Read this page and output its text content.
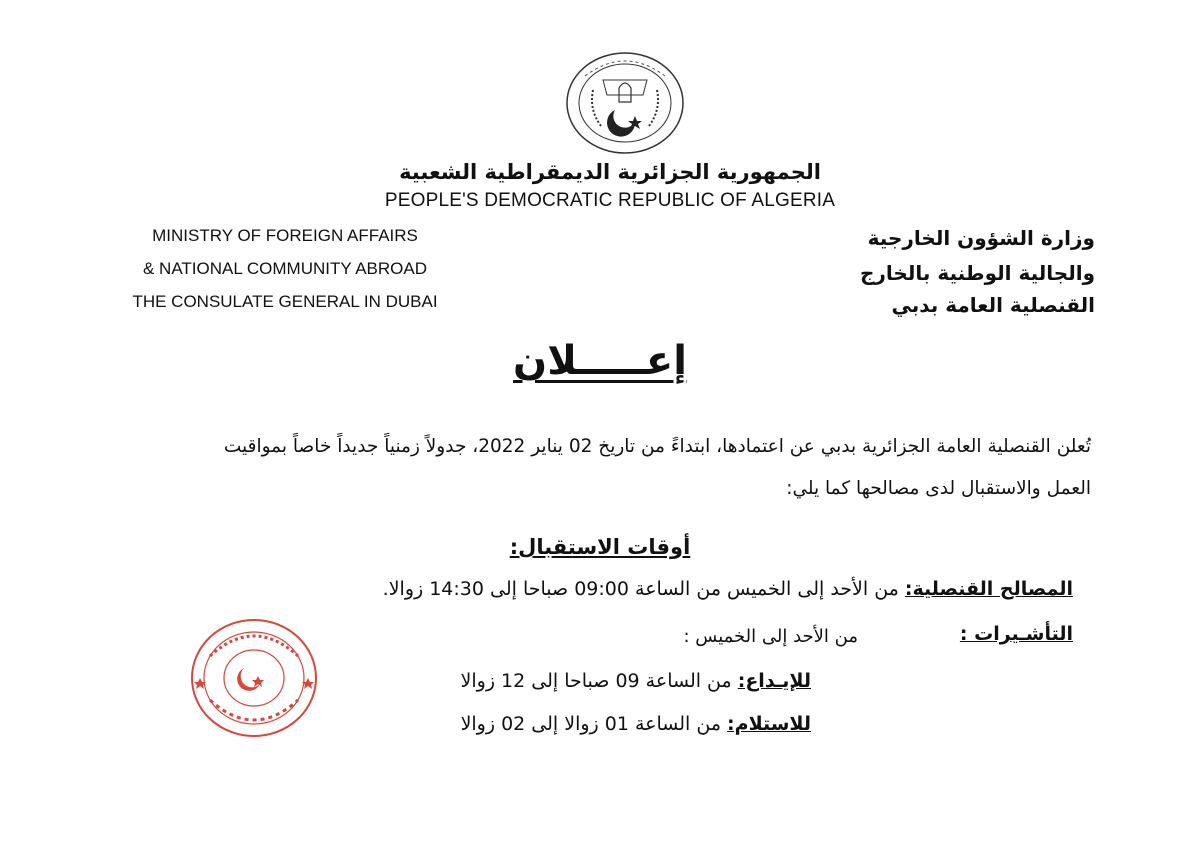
الجمهورية الجزائرية الديمقراطية الشعبية
PEOPLE'S DEMOCRATIC REPUBLIC OF ALGERIA
MINISTRY OF FOREIGN AFFAIRS
& NATIONAL COMMUNITY ABROAD
THE CONSULATE GENERAL IN DUBAI
وزارة الشؤون الخارجية
والجالية الوطنية بالخارج
القنصلية العامة بدبي
إعـــــلان
تُعلن القنصلية العامة الجزائرية بدبي عن اعتمادها، ابتداءً من تاريخ 02 يناير 2022، جدولاً زمنياً جديداً خاصاً بمواقيت
العمل والاستقبال لدى مصالحها كما يلي:
أوقات الاستقبال:
المصالح القنصلية: من الأحد إلى الخميس من الساعة 09:00 صباحا إلى 14:30 زوالا.
التأشـيرات :
من الأحد إلى الخميس :
للإيـداع: من الساعة 09 صباحا إلى 12 زوالا
للاستلام: من الساعة 01 زوالا إلى 02 زوالا
